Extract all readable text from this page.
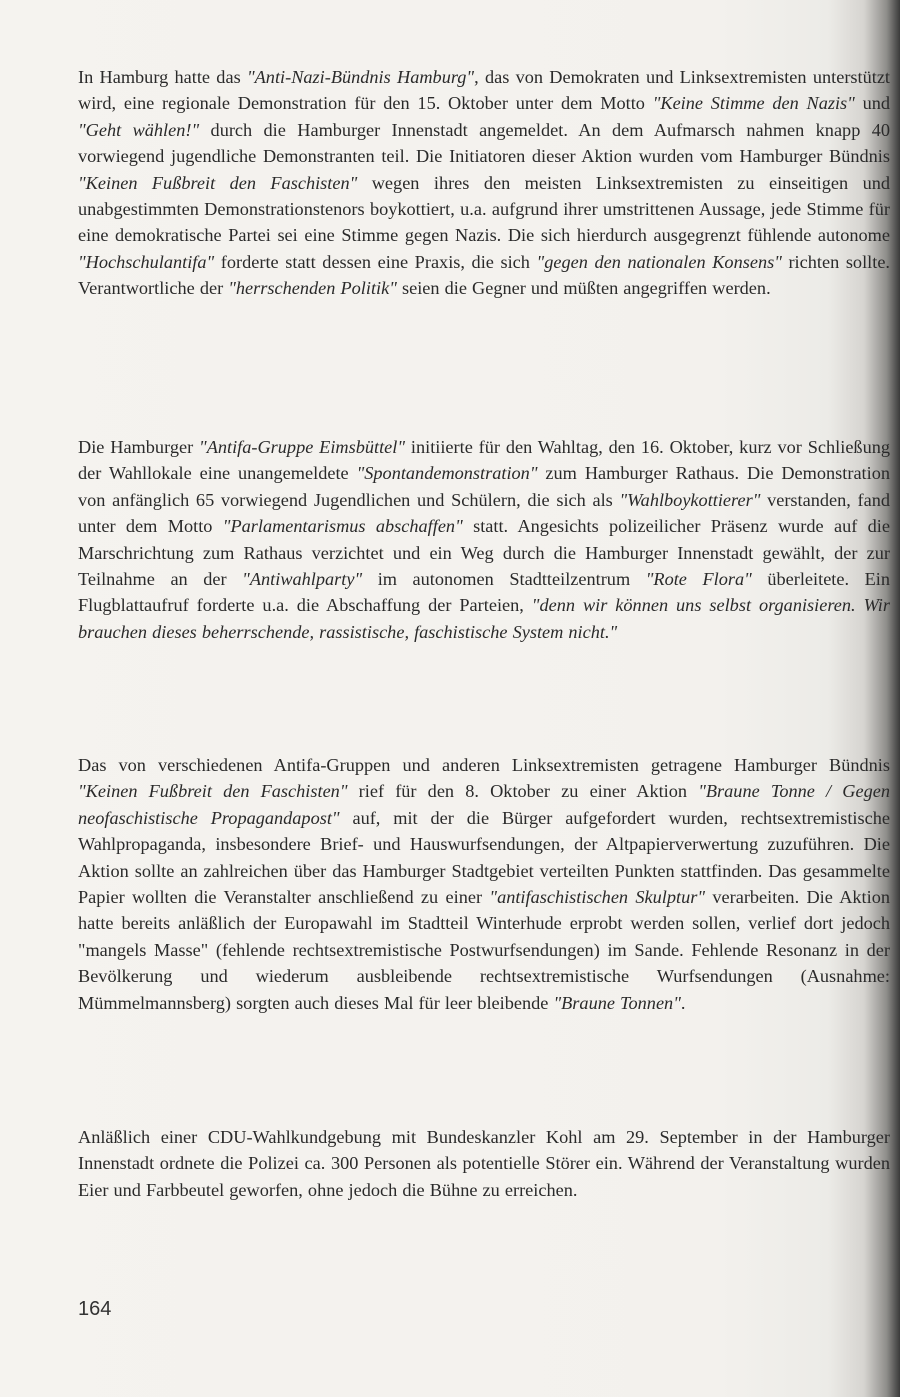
In Hamburg hatte das "Anti-Nazi-Bündnis Hamburg", das von Demokraten und Linksextremisten unterstützt wird, eine regionale Demonstration für den 15. Oktober unter dem Motto "Keine Stimme den Nazis" und "Geht wählen!" durch die Hamburger Innenstadt angemeldet. An dem Aufmarsch nahmen knapp 40 vorwiegend jugendliche Demonstranten teil. Die Initiatoren dieser Aktion wurden vom Hamburger Bündnis "Keinen Fußbreit den Faschisten" wegen ihres den meisten Linksextremisten zu einseitigen und unabgestimmten Demonstrationstenors boykottiert, u.a. aufgrund ihrer umstrittenen Aussage, jede Stimme für eine demokratische Partei sei eine Stimme gegen Nazis. Die sich hierdurch ausgegrenzt fühlende autonome "Hochschulantifa" forderte statt dessen eine Praxis, die sich "gegen den nationalen Konsens" richten sollte. Verantwortliche der "herrschenden Politik" seien die Gegner und müßten angegriffen werden.
Die Hamburger "Antifa-Gruppe Eimsbüttel" initiierte für den Wahltag, den 16. Oktober, kurz vor Schließung der Wahllokale eine unangemeldete "Spontandemonstration" zum Hamburger Rathaus. Die Demonstration von anfänglich 65 vorwiegend Jugendlichen und Schülern, die sich als "Wahlboykottierer" verstanden, fand unter dem Motto "Parlamentarismus abschaffen" statt. Angesichts polizeilicher Präsenz wurde auf die Marschrichtung zum Rathaus verzichtet und ein Weg durch die Hamburger Innenstadt gewählt, der zur Teilnahme an der "Antiwahlparty" im autonomen Stadtteilzentrum "Rote Flora" überleitete. Ein Flugblattaufruf forderte u.a. die Abschaffung der Parteien, "denn wir können uns selbst organisieren. Wir brauchen dieses beherrschende, rassistische, faschistische System nicht."
Das von verschiedenen Antifa-Gruppen und anderen Linksextremisten getragene Hamburger Bündnis "Keinen Fußbreit den Faschisten" rief für den 8. Oktober zu einer Aktion "Braune Tonne / Gegen neofaschistische Propagandapost" auf, mit der die Bürger aufgefordert wurden, rechtsextremistische Wahlpropaganda, insbesondere Brief- und Hauswurfsendungen, der Altpapierverwertung zuzuführen. Die Aktion sollte an zahlreichen über das Hamburger Stadtgebiet verteilten Punkten stattfinden. Das gesammelte Papier wollten die Veranstalter anschließend zu einer "antifaschistischen Skulptur" verarbeiten. Die Aktion hatte bereits anläßlich der Europawahl im Stadtteil Winterhude erprobt werden sollen, verlief dort jedoch "mangels Masse" (fehlende rechtsextremistische Postwurfsendungen) im Sande. Fehlende Resonanz in der Bevölkerung und wiederum ausbleibende rechtsextremistische Wurfsendungen (Ausnahme: Mümmelmannsberg) sorgten auch dieses Mal für leer bleibende "Braune Tonnen".
Anläßlich einer CDU-Wahlkundgebung mit Bundeskanzler Kohl am 29. September in der Hamburger Innenstadt ordnete die Polizei ca. 300 Personen als potentielle Störer ein. Während der Veranstaltung wurden Eier und Farbbeutel geworfen, ohne jedoch die Bühne zu erreichen.
164
